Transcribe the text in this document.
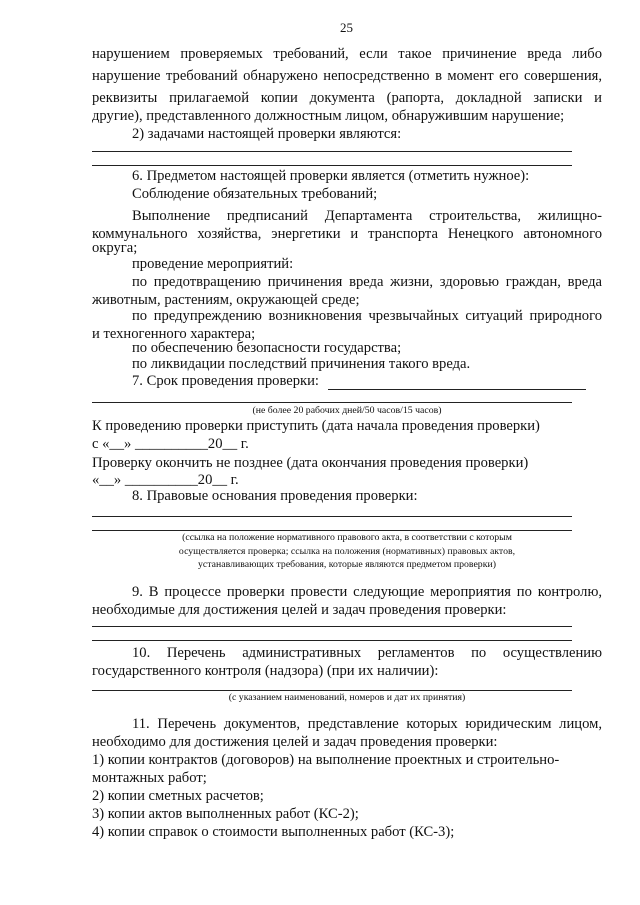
25
нарушением проверяемых требований, если такое причинение вреда либо
нарушение требований обнаружено непосредственно в момент его совершения,
реквизиты прилагаемой копии документа (рапорта, докладной записки и
другие), представленного должностным лицом, обнаружившим нарушение;
2) задачами настоящей проверки являются:
6. Предметом настоящей проверки является (отметить нужное):
Соблюдение обязательных требований;
Выполнение предписаний Департамента строительства, жилищно-
коммунального хозяйства, энергетики и транспорта Ненецкого автономного
округа;
проведение мероприятий:
по предотвращению причинения вреда жизни, здоровью граждан, вреда
животным, растениям, окружающей среде;
по предупреждению возникновения чрезвычайных ситуаций природного
и техногенного характера;
по обеспечению безопасности государства;
по ликвидации последствий причинения такого вреда.
7. Срок проведения проверки:
(не более 20 рабочих дней/50 часов/15 часов)
К проведению проверки приступить (дата начала проведения проверки)
с «__» __________20__ г.
Проверку окончить не позднее (дата окончания проведения проверки)
«__» __________20__ г.
8. Правовые основания проведения проверки:
(ссылка на положение нормативного правового акта, в соответствии с которым
осуществляется проверка; ссылка на положения (нормативных) правовых актов,
устанавливающих требования, которые являются предметом проверки)
9. В процессе проверки провести следующие мероприятия по контролю,
необходимые для достижения целей и задач проведения проверки:
10. Перечень административных регламентов по осуществлению
государственного контроля (надзора) (при их наличии):
(с указанием наименований, номеров и дат их принятия)
11. Перечень документов, представление которых юридическим лицом,
необходимо для достижения целей и задач проведения проверки:
1) копии контрактов (договоров) на выполнение проектных и строительно-
монтажных работ;
2) копии сметных расчетов;
3) копии актов выполненных работ (КС-2);
4) копии справок о стоимости выполненных работ (КС-3);
